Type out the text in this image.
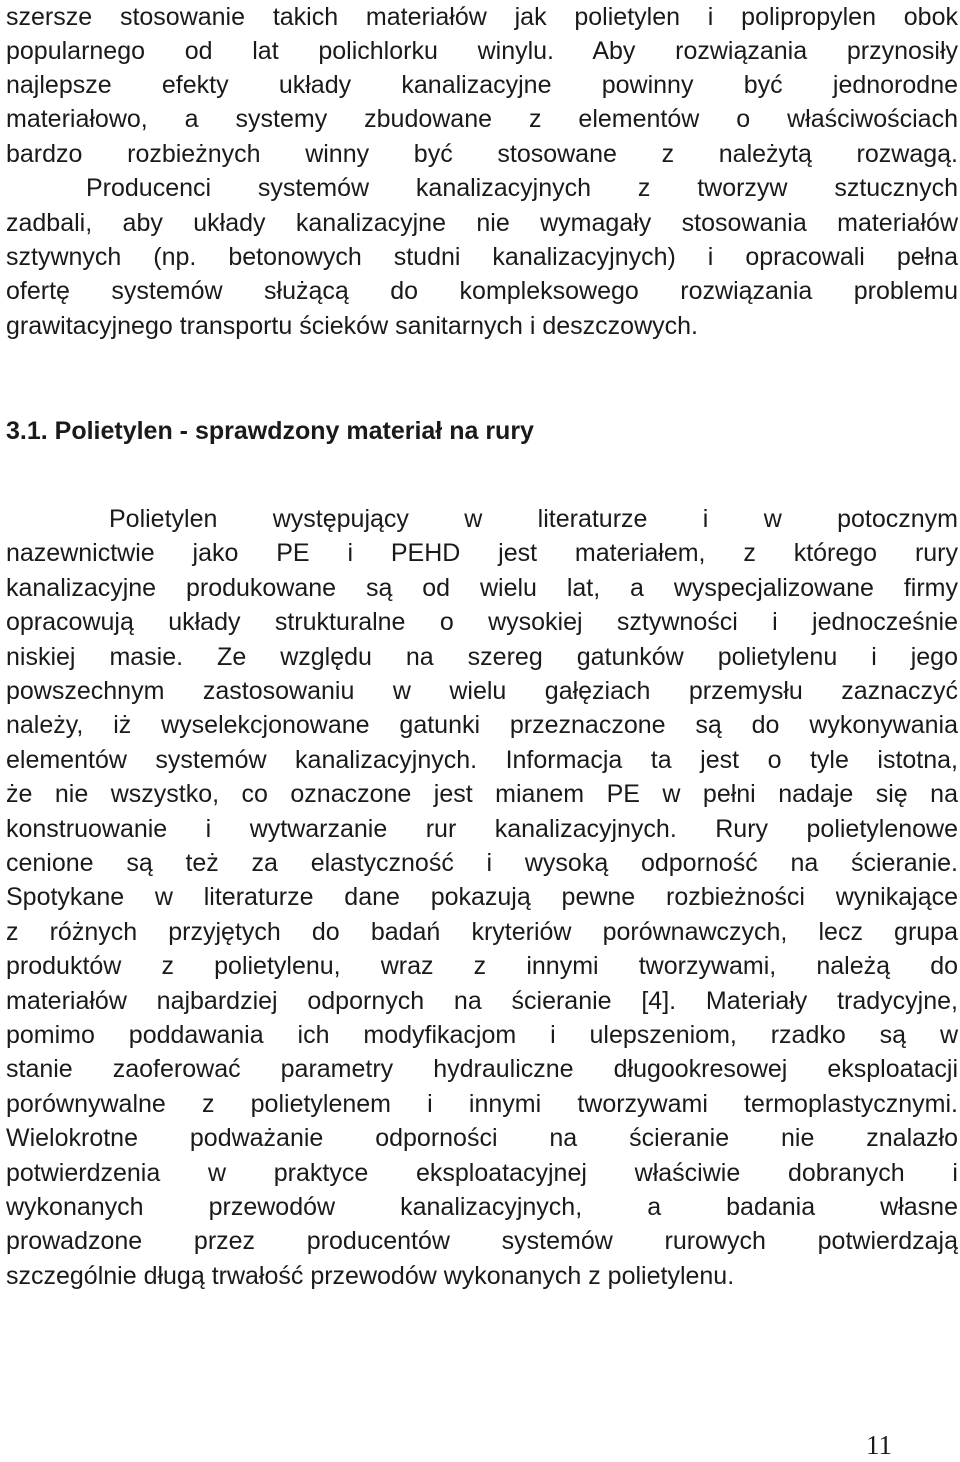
szersze stosowanie takich materiałów jak polietylen i polipropylen obok
popularnego od lat polichlorku winylu. Aby rozwiązania przynosiły
najlepsze efekty układy kanalizacyjne powinny być jednorodne
materiałowo, a systemy zbudowane z elementów o właściwościach
bardzo rozbieżnych winny być stosowane z należytą rozwagą.
Producenci systemów kanalizacyjnych z tworzyw sztucznych
zadbali, aby układy kanalizacyjne nie wymagały stosowania materiałów
sztywnych (np. betonowych studni kanalizacyjnych) i opracowali pełna
ofertę systemów służącą do kompleksowego rozwiązania problemu
grawitacyjnego transportu ścieków sanitarnych i deszczowych.
3.1. Polietylen - sprawdzony materiał na rury
Polietylen występujący w literaturze i w potocznym
nazewnictwie jako PE i PEHD jest materiałem, z którego rury
kanalizacyjne produkowane są od wielu lat, a wyspecjalizowane firmy
opracowują układy strukturalne o wysokiej sztywności i jednocześnie
niskiej masie. Ze względu na szereg gatunków polietylenu i jego
powszechnym zastosowaniu w wielu gałęziach przemysłu zaznaczyć
należy, iż wyselekcjonowane gatunki przeznaczone są do wykonywania
elementów systemów kanalizacyjnych. Informacja ta jest o tyle istotna,
że nie wszystko, co oznaczone jest mianem PE w pełni nadaje się na
konstruowanie i wytwarzanie rur kanalizacyjnych. Rury polietylenowe
cenione są też za elastyczność i wysoką odporność na ścieranie.
Spotykane w literaturze dane pokazują pewne rozbieżności wynikające
z różnych przyjętych do badań kryteriów porównawczych, lecz grupa
produktów z polietylenu, wraz z innymi tworzywami, należą do
materiałów najbardziej odpornych na ścieranie [4]. Materiały tradycyjne,
pomimo poddawania ich modyfikacjom i ulepszeniom, rzadko są w
stanie zaoferować parametry hydrauliczne długookresowej eksploatacji
porównywalne z polietylenem i innymi tworzywami termoplastycznymi.
Wielokrotne podważanie odporności na ścieranie nie znalazło
potwierdzenia w praktyce eksploatacyjnej właściwie dobranych i
wykonanych przewodów kanalizacyjnych, a badania własne
prowadzone przez producentów systemów rurowych potwierdzają
szczególnie długą trwałość przewodów wykonanych z polietylenu.
11
